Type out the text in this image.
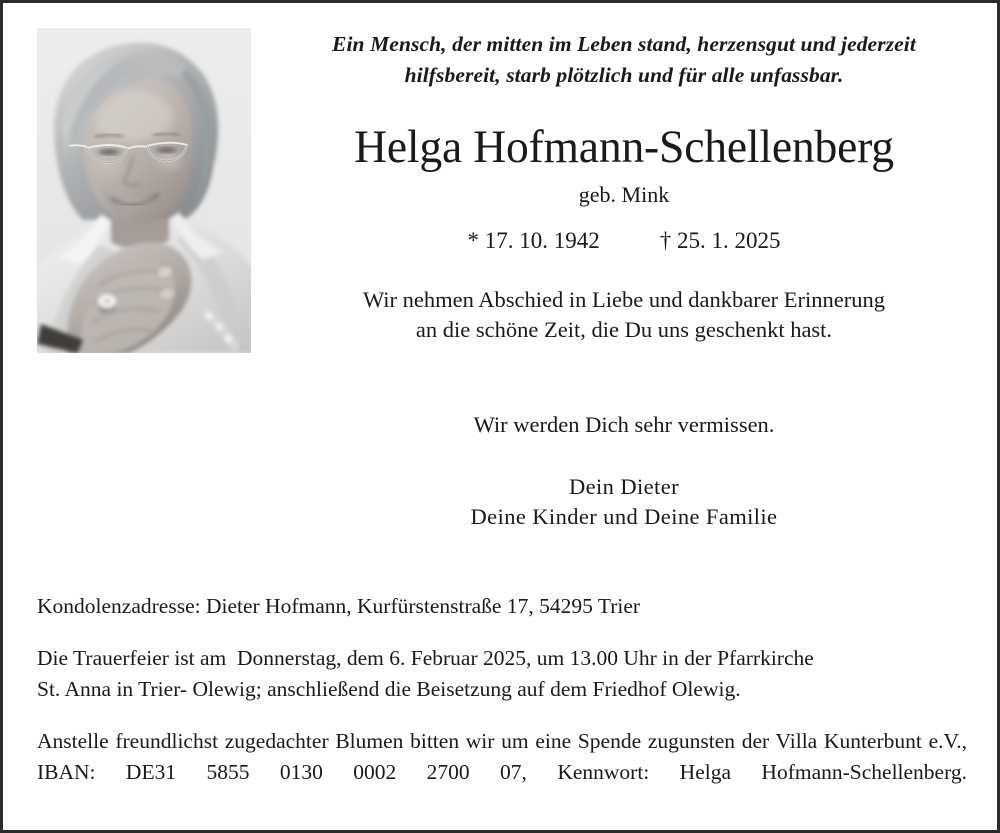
Ein Mensch, der mitten im Leben stand, herzensgut und jederzeit
hilfsbereit, starb plötzlich und für alle unfassbar.

Helga Hofmann-Schellenberg

geb. Mink

* 17. 10. 1942	† 25. 1. 2025

Wir nehmen Abschied in Liebe und dankbarer Erinnerung
an die schöne Zeit, die Du uns geschenkt hast.

Wir werden Dich sehr vermissen.

Dein Dieter
Deine Kinder und Deine Familie

Kondolenzadresse: Dieter Hofmann, Kurfürstenstraße 17, 54295 Trier

Die Trauerfeier ist am  Donnerstag, dem 6. Februar 2025, um 13.00 Uhr in der Pfarrkirche
St. Anna in Trier- Olewig; anschließend die Beisetzung auf dem Friedhof Olewig.

Anstelle freundlichst zugedachter Blumen bitten wir um eine Spende zugunsten der Villa Kunterbunt e.V., IBAN: DE31 5855 0130 0002 2700 07, Kennwort: Helga Hofmann-Schellenberg.
